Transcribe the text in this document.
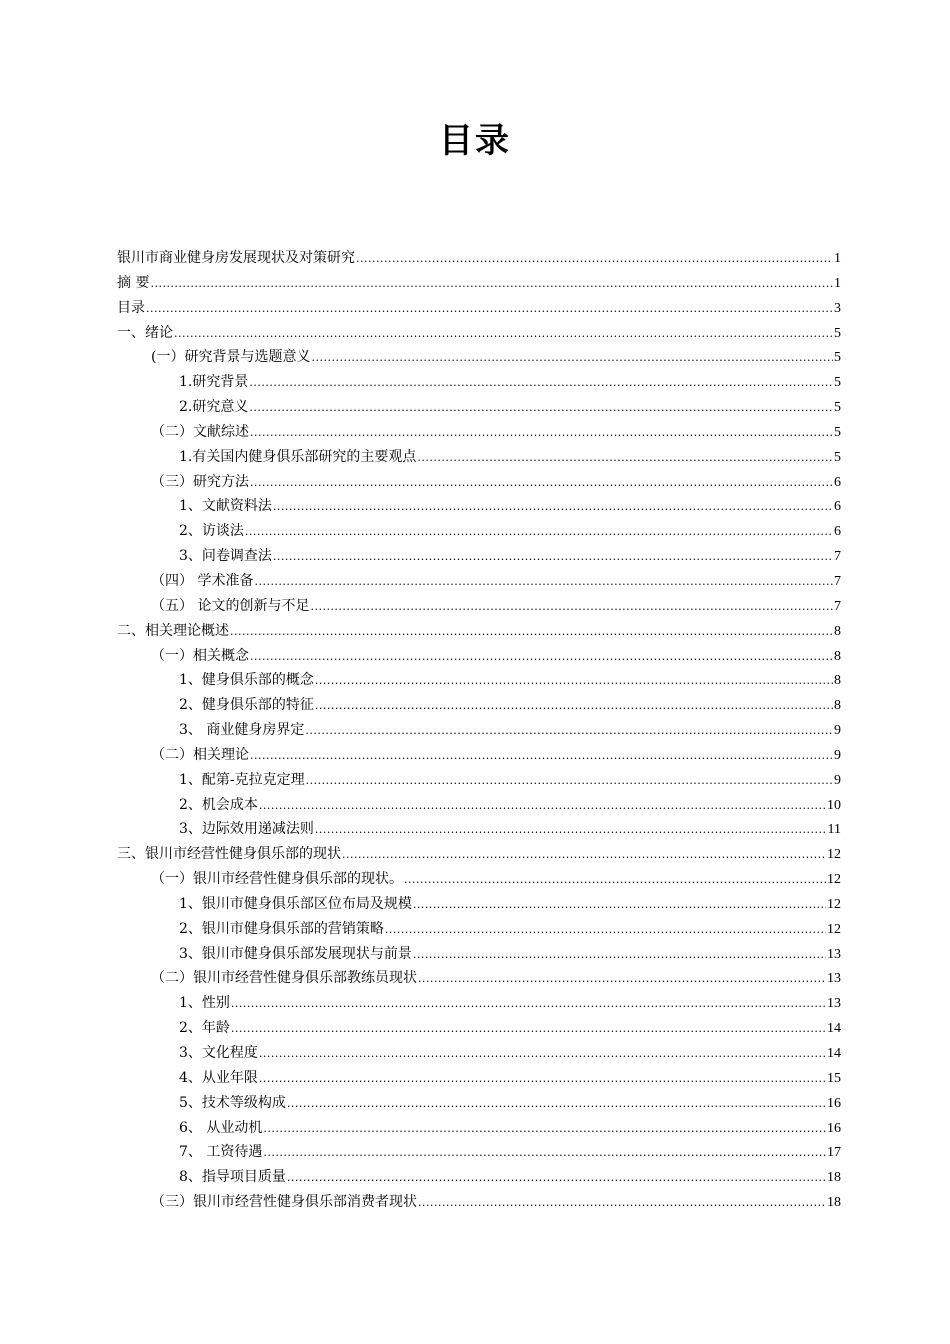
目录
银川市商业健身房发展现状及对策研究 .....	1
摘 要 .....	1
目录 .....	3
一、绪论 .....	5
(一）研究背景与选题意义 .....	5
1.研究背景 .....	5
2.研究意义 .....	5
（二）文献综述 .....	5
1.有关国内健身俱乐部研究的主要观点 .....	5
（三）研究方法 .....	6
1、文献资料法 .....	6
2、访谈法 .....	6
3、问卷调查法 .....	7
（四） 学术准备 .....	7
（五） 论文的创新与不足 .....	7
二、相关理论概述 .....	8
（一）相关概念 .....	8
1、健身俱乐部的概念 .....	8
2、健身俱乐部的特征 .....	8
3、 商业健身房界定 .....	9
（二）相关理论 .....	9
1、配第-克拉克定理 .....	9
2、机会成本 .....	10
3、边际效用递减法则 .....	11
三、银川市经营性健身俱乐部的现状 .....	12
（一）银川市经营性健身俱乐部的现状。 .....	12
1、银川市健身俱乐部区位布局及规模 .....	12
2、银川市健身俱乐部的营销策略 .....	12
3、银川市健身俱乐部发展现状与前景 .....	13
（二）银川市经营性健身俱乐部教练员现状 .....	13
1、性别 .....	13
2、年龄 .....	14
3、文化程度 .....	14
4、从业年限 .....	15
5、技术等级构成 .....	16
6、 从业动机 .....	16
7、 工资待遇 .....	17
8、指导项目质量 .....	18
（三）银川市经营性健身俱乐部消费者现状 .....	18
